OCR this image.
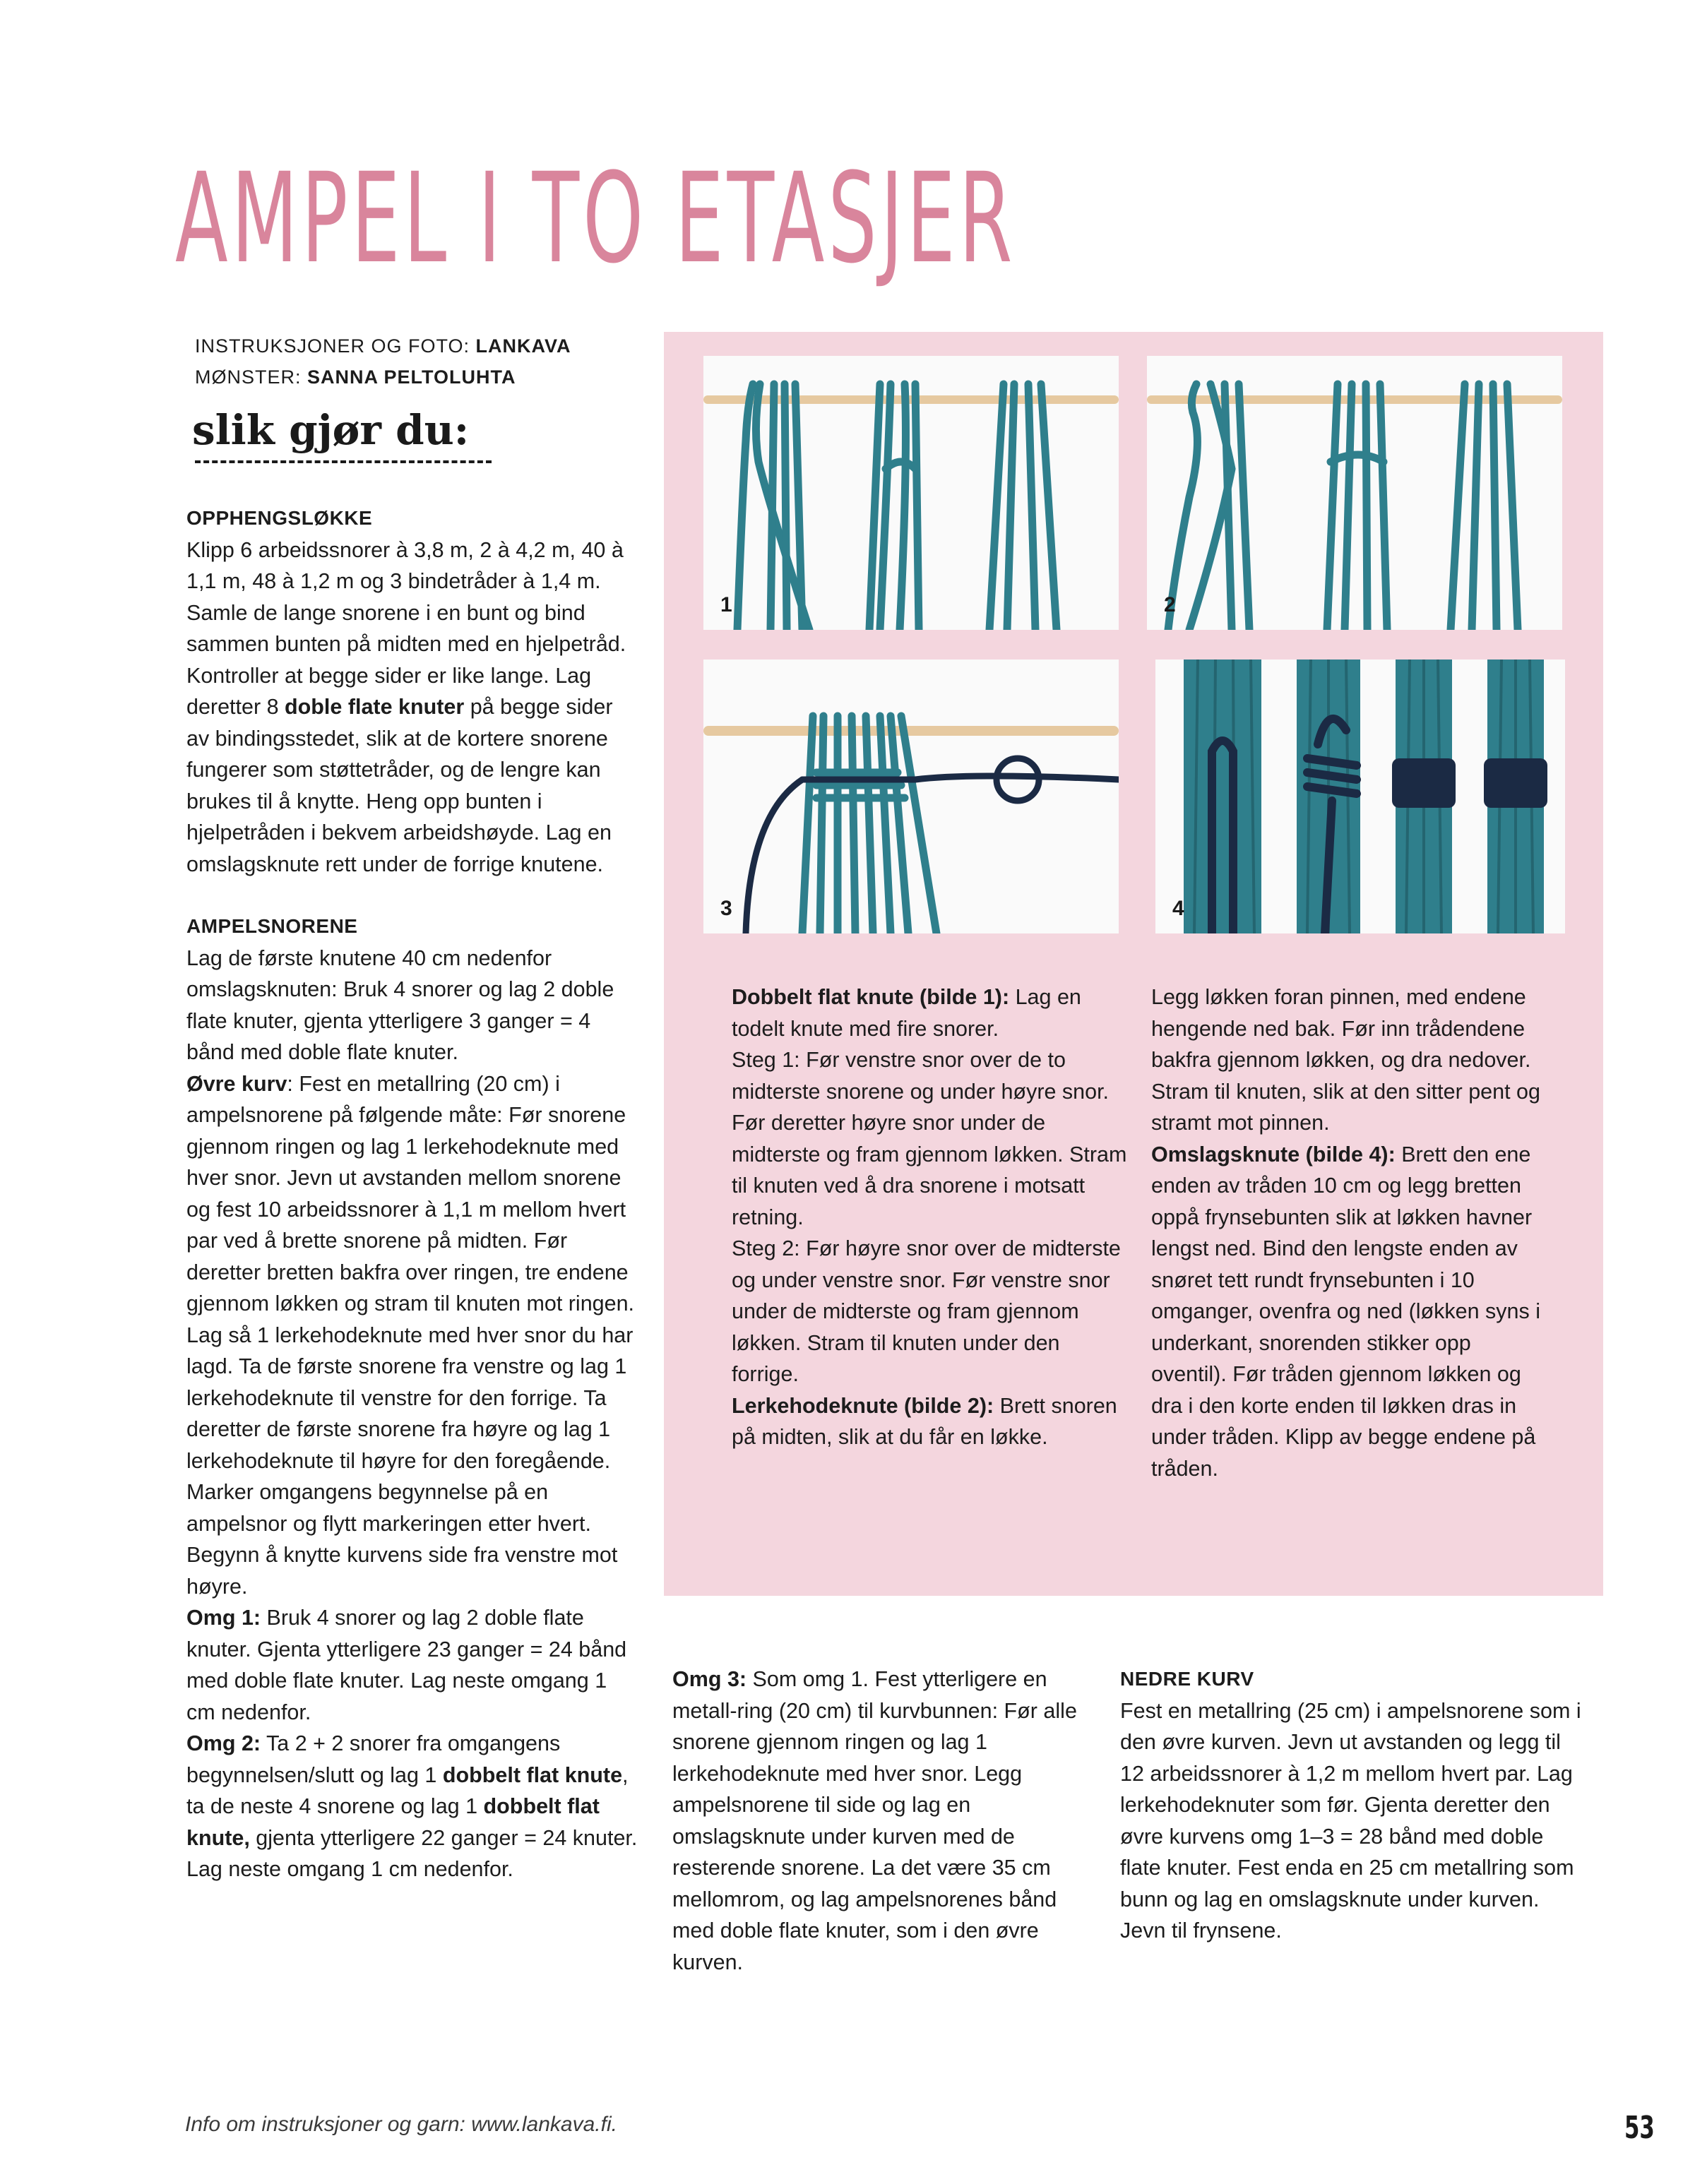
AMPEL I TO ETASJER
INSTRUKSJONER OG FOTO: LANKAVA
MØNSTER: SANNA PELTOLUHTA
slik gjør du:
OPPHENGSLØKKE

Klipp 6 arbeidssnorer à 3,8 m, 2 à 4,2 m, 40 à 1,1 m, 48 à 1,2 m og 3 bindetråder à 1,4 m. Samle de lange snorene i en bunt og bind sammen bunten på midten med en hjelpetråd. Kontroller at begge sider er like lange. Lag deretter 8 doble flate knuter på begge sider av bindingsstedet, slik at de kortere snorene fungerer som støttetråder, og de lengre kan brukes til å knytte. Heng opp bunten i hjelpetråden i bekvem arbeidshøyde. Lag en omslagsknute rett under de forrige knutene.

AMPELSNORENE

Lag de første knutene 40 cm nedenfor omslagsknuten: Bruk 4 snorer og lag 2 doble flate knuter, gjenta ytterligere 3 ganger = 4 bånd med doble flate knuter.

Øvre kurv: Fest en metallring (20 cm) i ampelsnorene på følgende måte: Før snorene gjennom ringen og lag 1 lerkehodeknute med hver snor. Jevn ut avstanden mellom snorene og fest 10 arbeidssnorer à 1,1 m mellom hvert par ved å brette snorene på midten. Før deretter bretten bakfra over ringen, tre endene gjennom løkken og stram til knuten mot ringen. Lag så 1 lerkehodeknute med hver snor du har lagd. Ta de første snorene fra venstre og lag 1 lerkehodeknute til venstre for den forrige. Ta deretter de første snorene fra høyre og lag 1 lerkehodeknute til høyre for den foregående. Marker omgangens begynnelse på en ampelsnor og flytt markeringen etter hvert. Begynn å knytte kurvens side fra venstre mot høyre.

Omg 1: Bruk 4 snorer og lag 2 doble flate knuter. Gjenta ytterligere 23 ganger = 24 bånd med doble flate knuter. Lag neste omgang 1 cm nedenfor.

Omg 2: Ta 2 + 2 snorer fra omgangens begynnelsen/slutt og lag 1 dobbelt flat knute, ta de neste 4 snorene og lag 1 dobbelt flat knute, gjenta ytterligere 22 ganger = 24 knuter. Lag neste omgang 1 cm nedenfor.

1	2
3	4

Dobbelt flat knute (bilde 1): Lag en todelt knute med fire snorer.

Steg 1: Før venstre snor over de to midterste snorene og under høyre snor. Før deretter høyre snor under de midterste og fram gjennom løkken. Stram til knuten ved å dra snorene i motsatt retning.

Steg 2: Før høyre snor over de midterste og under venstre snor. Før venstre snor under de midterste og fram gjennom løkken. Stram til knuten under den forrige.

Lerkehodeknute (bilde 2): Brett snoren på midten, slik at du får en løkke.

Legg løkken foran pinnen, med endene hengende ned bak. Før inn trådendene bakfra gjennom løkken, og dra nedover. Stram til knuten, slik at den sitter pent og stramt mot pinnen.

Omslagsknute (bilde 4): Brett den ene enden av tråden 10 cm og legg bretten oppå frynsebunten slik at løkken havner lengst ned. Bind den lengste enden av snøret tett rundt frynsebunten i 10 omganger, ovenfra og ned (løkken syns i underkant, snorenden stikker opp oventil). Før tråden gjennom løkken og dra i den korte enden til løkken dras in under tråden. Klipp av begge endene på tråden.

Omg 3: Som omg 1. Fest ytterligere en metall-ring (20 cm) til kurvbunnen: Før alle snorene gjennom ringen og lag 1 lerkehodeknute med hver snor. Legg ampelsnorene til side og lag en omslagsknute under kurven med de resterende snorene. La det være 35 cm mellomrom, og lag ampelsnorenes bånd med doble flate knuter, som i den øvre kurven.

NEDRE KURV

Fest en metallring (25 cm) i ampelsnorene som i den øvre kurven. Jevn ut avstanden og legg til 12 arbeidssnorer à 1,2 m mellom hvert par. Lag lerkehodeknuter som før. Gjenta deretter den øvre kurvens omg 1–3 = 28 bånd med doble flate knuter. Fest enda en 25 cm metallring som bunn og lag en omslagsknute under kurven. Jevn til frynsene.

Info om instruksjoner og garn: www.lankava.fi.	53
